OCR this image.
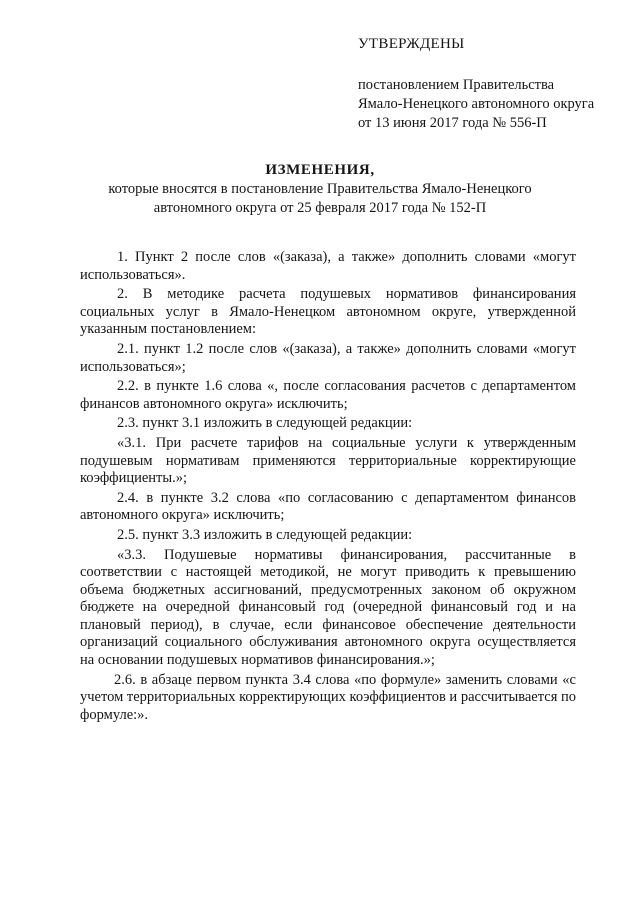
УТВЕРЖДЕНЫ
постановлением Правительства
Ямало-Ненецкого автономного округа
от 13 июня 2017 года № 556-П
ИЗМЕНЕНИЯ,
которые вносятся в постановление Правительства Ямало-Ненецкого автономного округа от 25 февраля 2017 года № 152-П

1. Пункт 2 после слов «(заказа), а также» дополнить словами «могут использоваться».

2. В методике расчета подушевых нормативов финансирования социальных услуг в Ямало-Ненецком автономном округе, утвержденной указанным постановлением:

2.1. пункт 1.2 после слов «(заказа), а также» дополнить словами «могут использоваться»;

2.2. в пункте 1.6 слова «, после согласования расчетов с департаментом финансов автономного округа» исключить;

2.3. пункт 3.1 изложить в следующей редакции:

«3.1. При расчете тарифов на социальные услуги к утвержденным подушевым нормативам применяются территориальные корректирующие коэффициенты.»;

2.4. в пункте 3.2 слова «по согласованию с департаментом финансов автономного округа» исключить;

2.5. пункт 3.3 изложить в следующей редакции:

«3.3. Подушевые нормативы финансирования, рассчитанные в соответствии с настоящей методикой, не могут приводить к превышению объема бюджетных ассигнований, предусмотренных законом об окружном бюджете на очередной финансовый год (очередной финансовый год и на плановый период), в случае, если финансовое обеспечение деятельности организаций социального обслуживания автономного округа осуществляется на основании подушевых нормативов финансирования.»;

2.6. в абзаце первом пункта 3.4 слова «по формуле» заменить словами «с учетом территориальных корректирующих коэффициентов и рассчитывается по формуле:».
